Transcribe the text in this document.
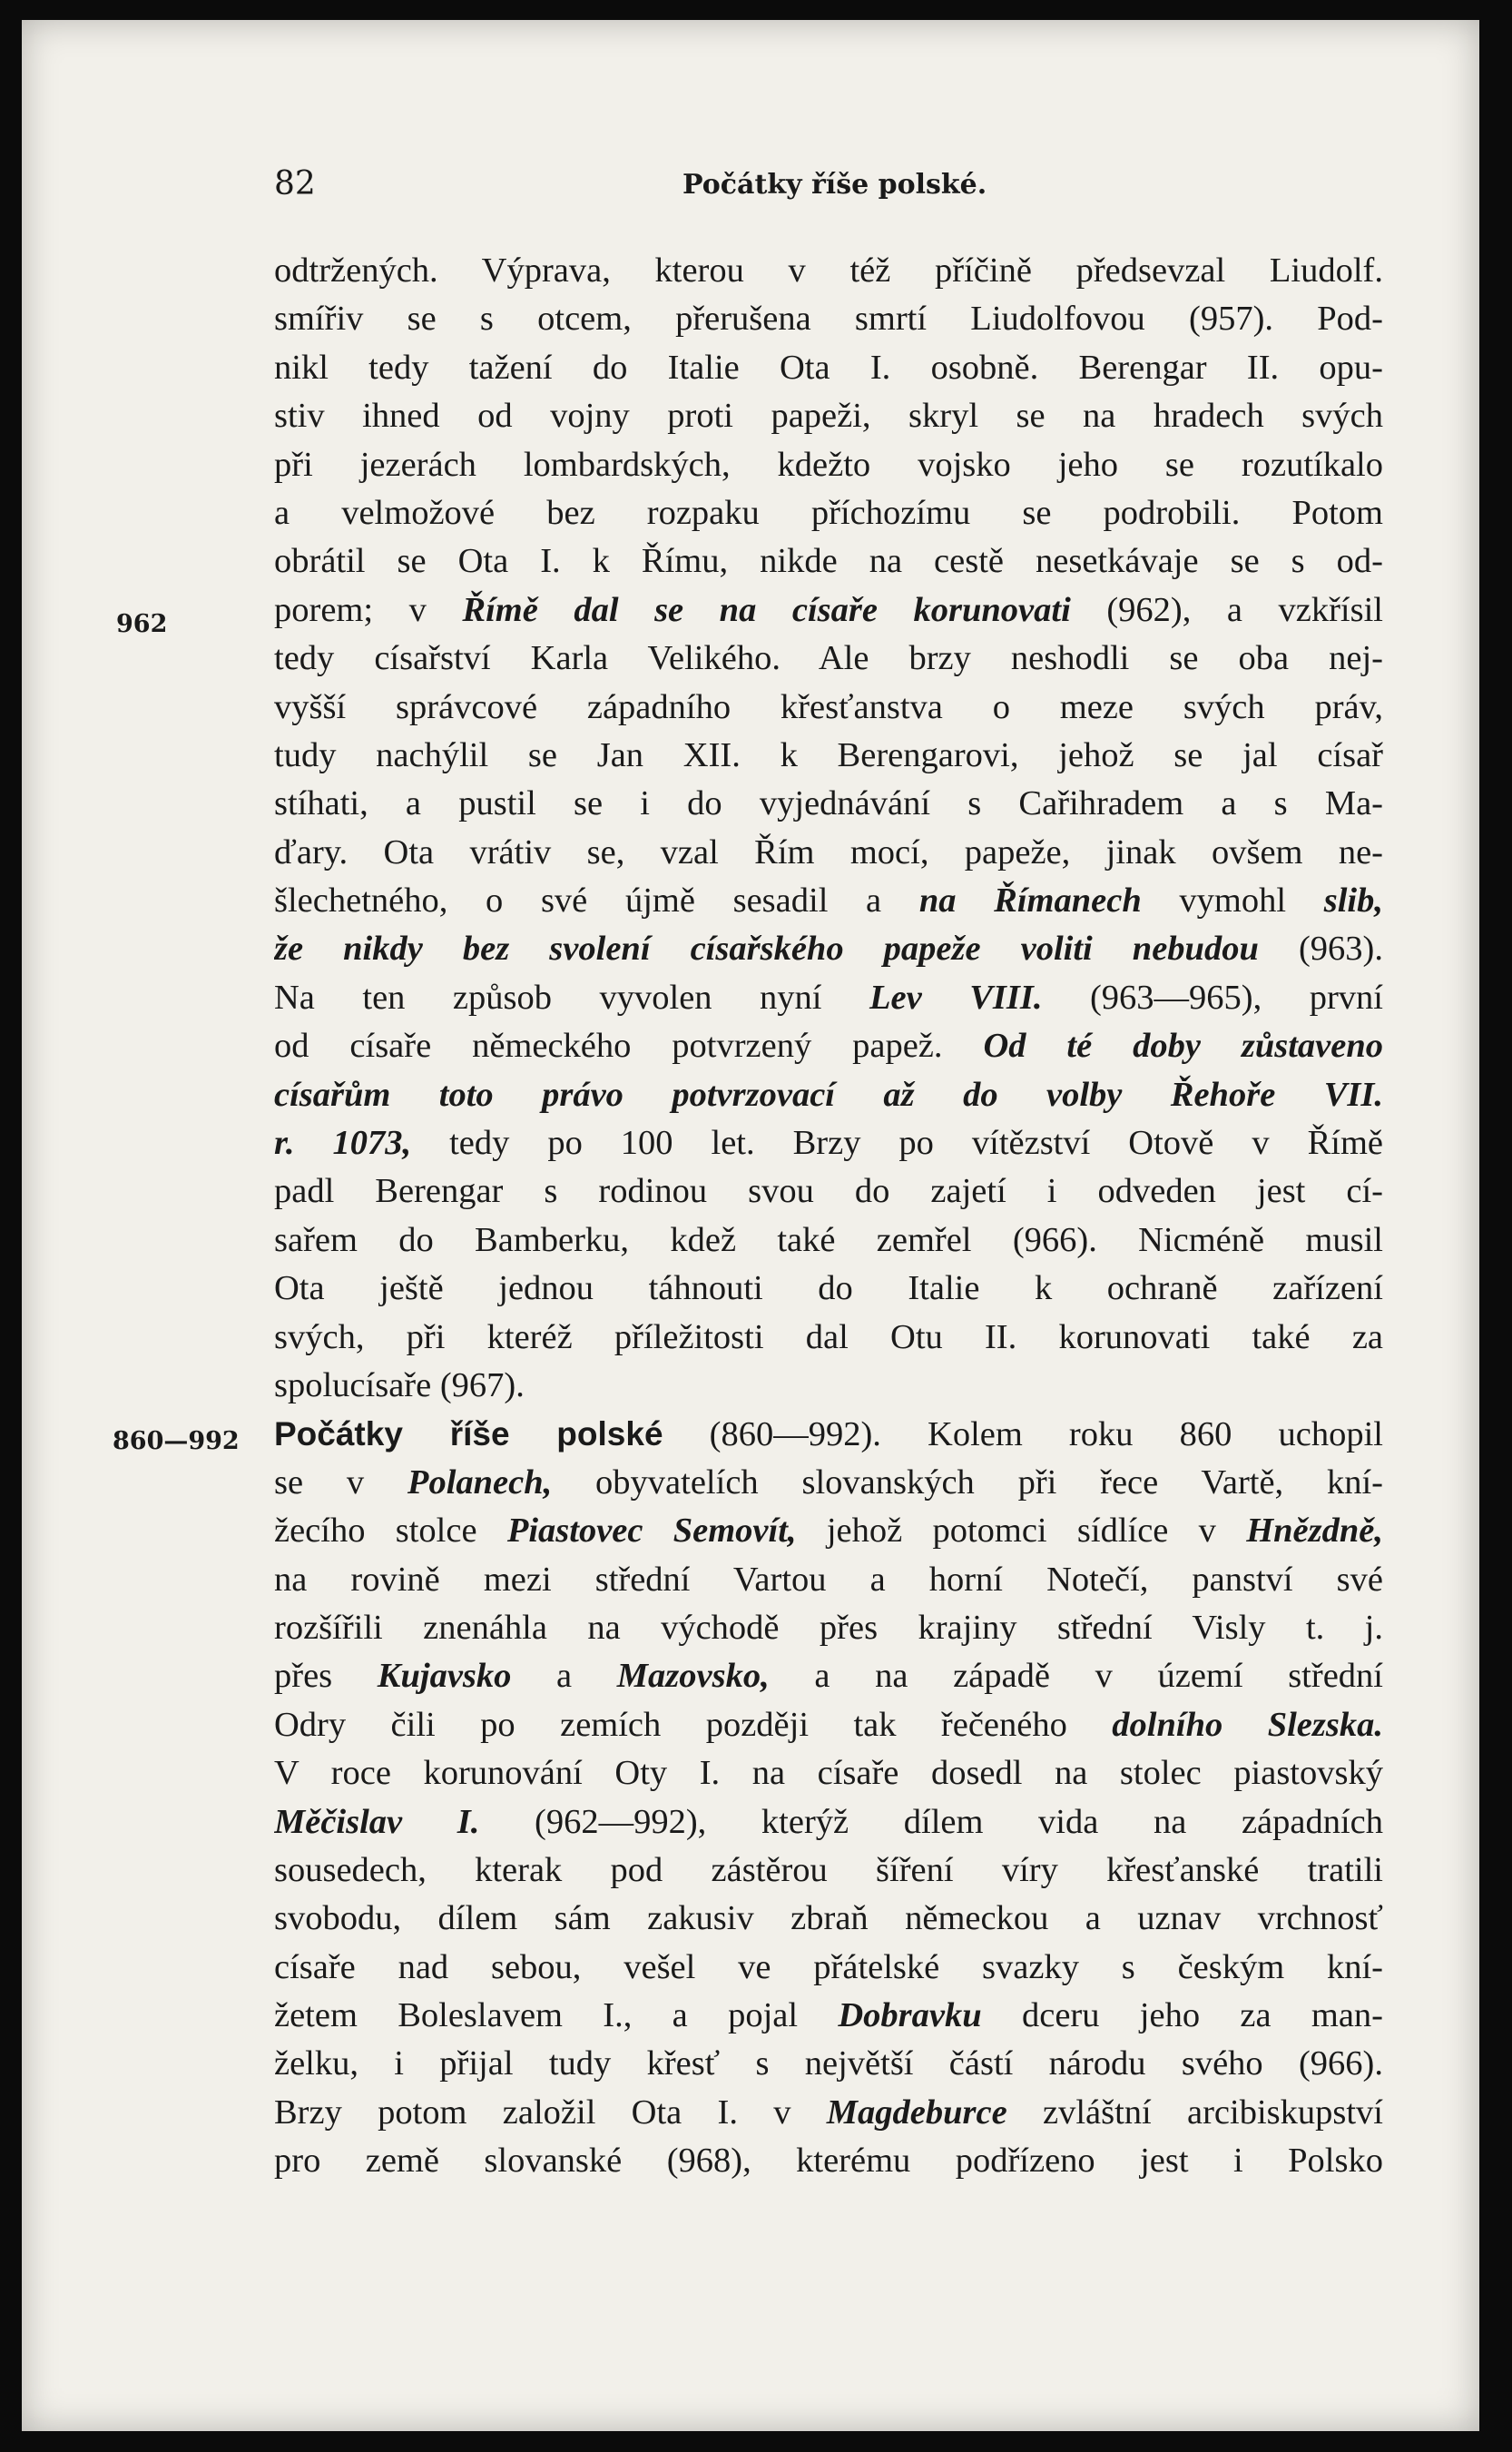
82	Počátky říše polské.
962
860—992
odtržených. Výprava, kterou v též příčině předsevzal Liudolf.
smířiv se s otcem, přerušena smrtí Liudolfovou (957). Pod-
nikl tedy tažení do Italie Ota I. osobně. Berengar II. opu-
stiv ihned od vojny proti papeži, skryl se na hradech svých
při jezerách lombardských, kdežto vojsko jeho se rozutíkalo
a velmožové bez rozpaku příchozímu se podrobili. Potom
obrátil se Ota I. k Římu, nikde na cestě nesetkávaje se s od-
porem; v Římě dal se na císaře korunovati (962), a vzkřísil
tedy císařství Karla Velikého. Ale brzy neshodli se oba nej-
vyšší správcové západního křesťanstva o meze svých práv,
tudy nachýlil se Jan XII. k Berengarovi, jehož se jal císař
stíhati, a pustil se i do vyjednávání s Cařihradem a s Ma-
ďary. Ota vrátiv se, vzal Řím mocí, papeže, jinak ovšem ne-
šlechetného, o své újmě sesadil a na Římanech vymohl slib,
že nikdy bez svolení císařského papeže voliti nebudou (963).
Na ten způsob vyvolen nyní Lev VIII. (963—965), první
od císaře německého potvrzený papež. Od té doby zůstaveno
císařům toto právo potvrzovací až do volby Řehoře VII.
r. 1073, tedy po 100 let. Brzy po vítězství Otově v Římě
padl Berengar s rodinou svou do zajetí i odveden jest cí-
sařem do Bamberku, kdež také zemřel (966). Nicméně musil
Ota ještě jednou táhnouti do Italie k ochraně zařízení
svých, při kteréž příležitosti dal Otu II. korunovati také za
spolucísaře (967).
Počátky říše polské (860—992). Kolem roku 860 uchopil
se v Polanech, obyvatelích slovanských při řece Vartě, kní-
žecího stolce Piastovec Semovít, jehož potomci sídlíce v Hnězdně,
na rovině mezi střední Vartou a horní Notečí, panství své
rozšířili znenáhla na východě přes krajiny střední Visly t. j.
přes Kujavsko a Mazovsko, a na západě v území střední
Odry čili po zemích později tak řečeného dolního Slezska.
V roce korunování Oty I. na císaře dosedl na stolec piastovský
Měčislav I. (962—992), kterýž dílem vida na západních
sousedech, kterak pod zástěrou šíření víry křesťanské tratili
svobodu, dílem sám zakusiv zbraň německou a uznav vrchnosť
císaře nad sebou, vešel ve přátelské svazky s českým kní-
žetem Boleslavem I., a pojal Dobravku dceru jeho za man-
želku, i přijal tudy křesť s největší částí národu svého (966).
Brzy potom založil Ota I. v Magdeburce zvláštní arcibiskupství
pro země slovanské (968), kterému podřízeno jest i Polsko
